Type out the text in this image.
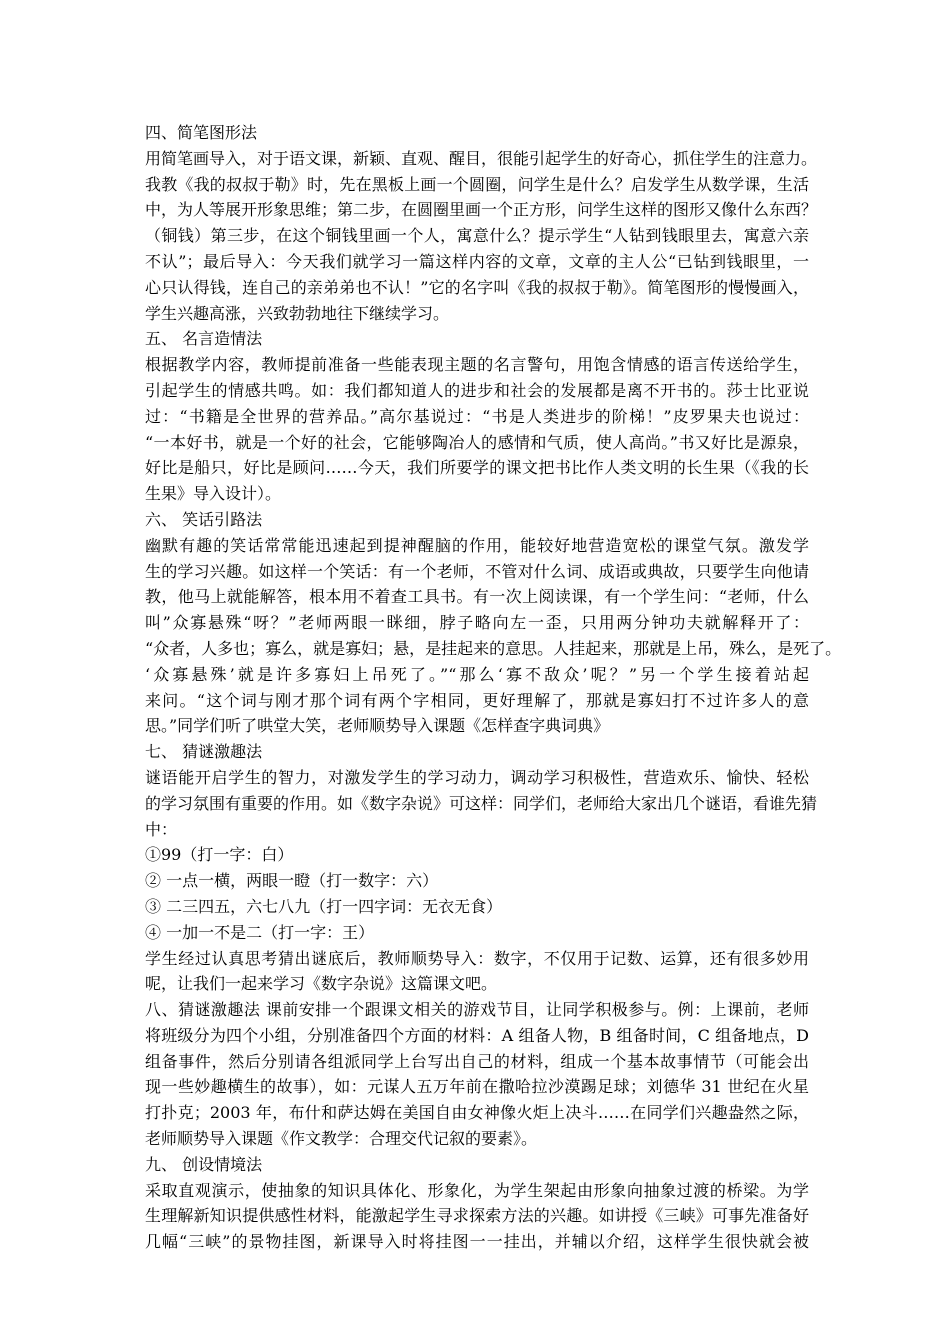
四、简笔图形法
用简笔画导入，对于语文课，新颖、直观、醒目，很能引起学生的好奇心，抓住学生的注意力。
我教《我的叔叔于勒》时，先在黑板上画一个圆圈，问学生是什么？启发学生从数学课，生活
中，为人等展开形象思维；第二步，在圆圈里画一个正方形，问学生这样的图形又像什么东西？
（铜钱）第三步，在这个铜钱里画一个人，寓意什么？提示学生“人钻到钱眼里去，寓意六亲
不认”；最后导入：今天我们就学习一篇这样内容的文章，文章的主人公“已钻到钱眼里，一
心只认得钱，连自己的亲弟弟也不认！”它的名字叫《我的叔叔于勒》。简笔图形的慢慢画入，
学生兴趣高涨，兴致勃勃地往下继续学习。
五、 名言造情法
根据教学内容，教师提前准备一些能表现主题的名言警句，用饱含情感的语言传送给学生，
引起学生的情感共鸣。如：我们都知道人的进步和社会的发展都是离不开书的。莎士比亚说
过：“书籍是全世界的营养品。”高尔基说过：“书是人类进步的阶梯！”皮罗果夫也说过：
“一本好书，就是一个好的社会，它能够陶冶人的感情和气质，使人高尚。”书又好比是源泉，
好比是船只，好比是顾问……今天，我们所要学的课文把书比作人类文明的长生果（《我的长
生果》导入设计）。
六、 笑话引路法
幽默有趣的笑话常常能迅速起到提神醒脑的作用，能较好地营造宽松的课堂气氛。激发学
生的学习兴趣。如这样一个笑话：有一个老师，不管对什么词、成语或典故，只要学生向他请
教，他马上就能解答，根本用不着查工具书。有一次上阅读课，有一个学生问：“老师，什么
叫”众寡悬殊“呀？”老师两眼一眯细，脖子略向左一歪，只用两分钟功夫就解释开了：
“众者，人多也；寡么，就是寡妇；悬，是挂起来的意思。人挂起来，那就是上吊，殊么，是死了。
‘众寡悬殊’就是许多寡妇上吊死了。”“那么‘寡不敌众’呢？”另一个学生接着站起
来问。“这个词与刚才那个词有两个字相同，更好理解了，那就是寡妇打不过许多人的意
思。”同学们听了哄堂大笑，老师顺势导入课题《怎样查字典词典》
七、 猜谜激趣法
谜语能开启学生的智力，对激发学生的学习动力，调动学习积极性，营造欢乐、愉快、轻松
的学习氛围有重要的作用。如《数字杂说》可这样：同学们，老师给大家出几个谜语，看谁先猜
中：
①99（打一字：白）
② 一点一横，两眼一瞪（打一数字：六）
③ 二三四五，六七八九（打一四字词：无衣无食）
④ 一加一不是二（打一字：王）
学生经过认真思考猜出谜底后，教师顺势导入：数字，不仅用于记数、运算，还有很多妙用
呢，让我们一起来学习《数字杂说》这篇课文吧。
八、猜谜激趣法 课前安排一个跟课文相关的游戏节目，让同学积极参与。例：上课前，老师
将班级分为四个小组，分别准备四个方面的材料：A 组备人物，B 组备时间，C 组备地点，D
组备事件，然后分别请各组派同学上台写出自己的材料，组成一个基本故事情节（可能会出
现一些妙趣横生的故事），如：元谋人五万年前在撒哈拉沙漠踢足球；刘德华 31 世纪在火星
打扑克；2003 年，布什和萨达姆在美国自由女神像火炬上决斗……在同学们兴趣盎然之际，
老师顺势导入课题《作文教学：合理交代记叙的要素》。
九、 创设情境法
采取直观演示，使抽象的知识具体化、形象化，为学生架起由形象向抽象过渡的桥梁。为学
生理解新知识提供感性材料，能激起学生寻求探索方法的兴趣。如讲授《三峡》可事先准备好
几幅“三峡”的景物挂图，新课导入时将挂图一一挂出，并辅以介绍，这样学生很快就会被
